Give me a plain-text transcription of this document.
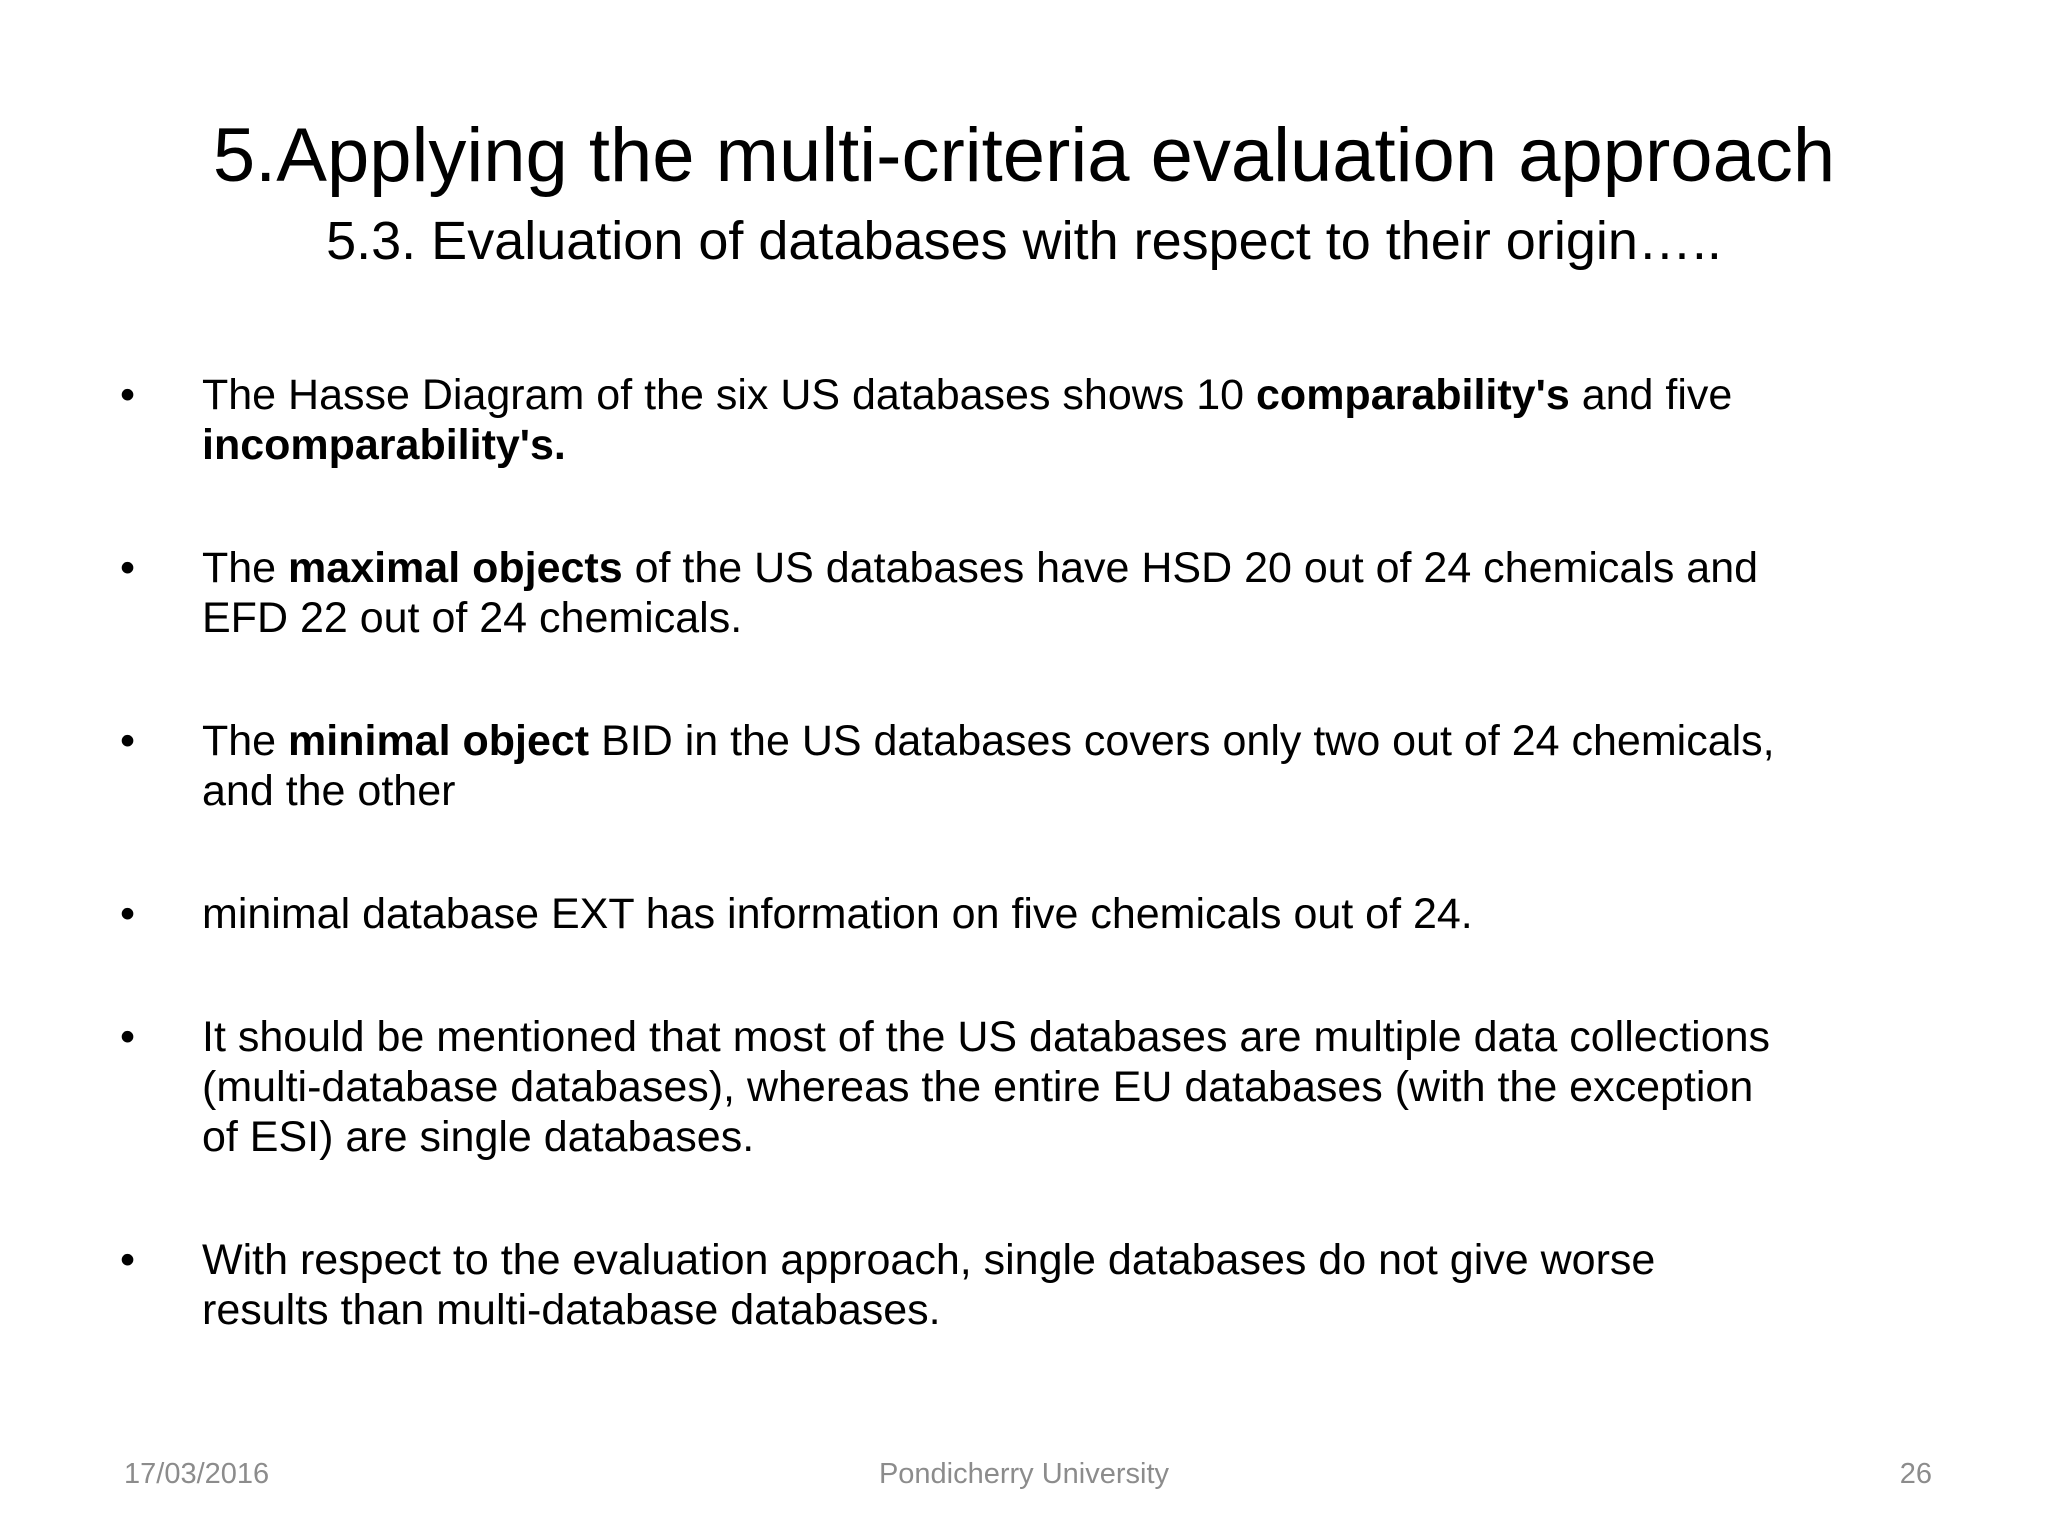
5.Applying the multi-criteria evaluation approach
5.3. Evaluation of databases with respect to their origin…..
•	The Hasse Diagram of the six US databases shows 10 comparability's and five
incomparability's.
•	The maximal objects of the US databases have HSD 20 out of 24 chemicals and
EFD 22 out of 24 chemicals.
•	The minimal object BID in the US databases covers only two out of 24 chemicals,
and the other
•	minimal database EXT has information on five chemicals out of 24.
•	It should be mentioned that most of the US databases are multiple data collections
(multi-database databases), whereas the entire EU databases (with the exception
of ESI) are single databases.
•	With respect to the evaluation approach, single databases do not give worse
results than multi-database databases.
17/03/2016	Pondicherry University	26
